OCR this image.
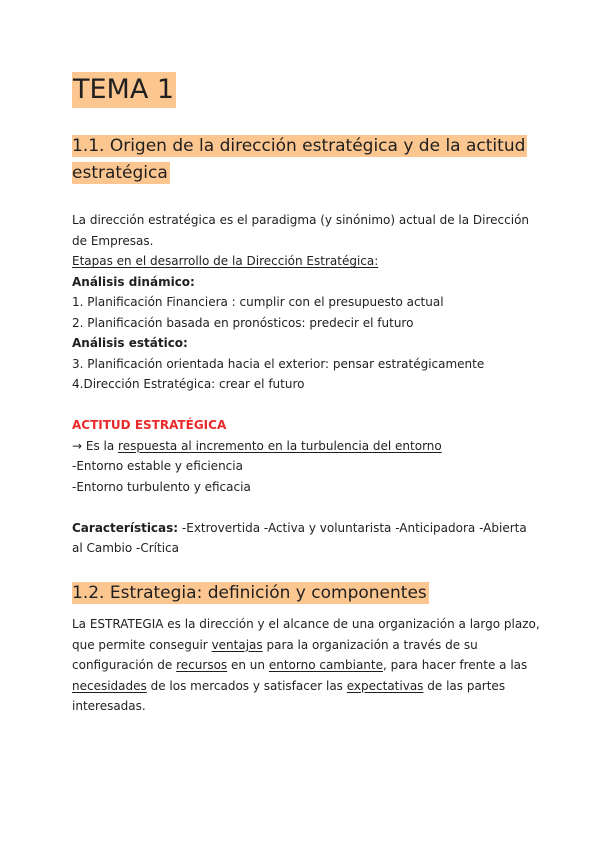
TEMA 1
1.1. Origen de la dirección estratégica y de la actitud
estratégica

La dirección estratégica es el paradigma (y sinónimo) actual de la Dirección de Empresas.

Etapas en el desarrollo de la Dirección Estratégica:

Análisis dinámico:

1. Planificación Financiera : cumplir con el presupuesto actual

2. Planificación basada en pronósticos: predecir el futuro

Análisis estático:

3. Planificación orientada hacia el exterior: pensar estratégicamente

4.Dirección Estratégica: crear el futuro

ACTITUD ESTRATÉGICA

→ Es la respuesta al incremento en la turbulencia del entorno

-Entorno estable y eficiencia

-Entorno turbulento y eficacia

Características: -Extrovertida -Activa y voluntarista -Anticipadora -Abierta al Cambio -Crítica

1.2. Estrategia: definición y componentes

La ESTRATEGIA es la dirección y el alcance de una organización a largo plazo, que permite conseguir ventajas para la organización a través de su configuración de recursos en un entorno cambiante, para hacer frente a las necesidades de los mercados y satisfacer las expectativas de las partes interesadas.
